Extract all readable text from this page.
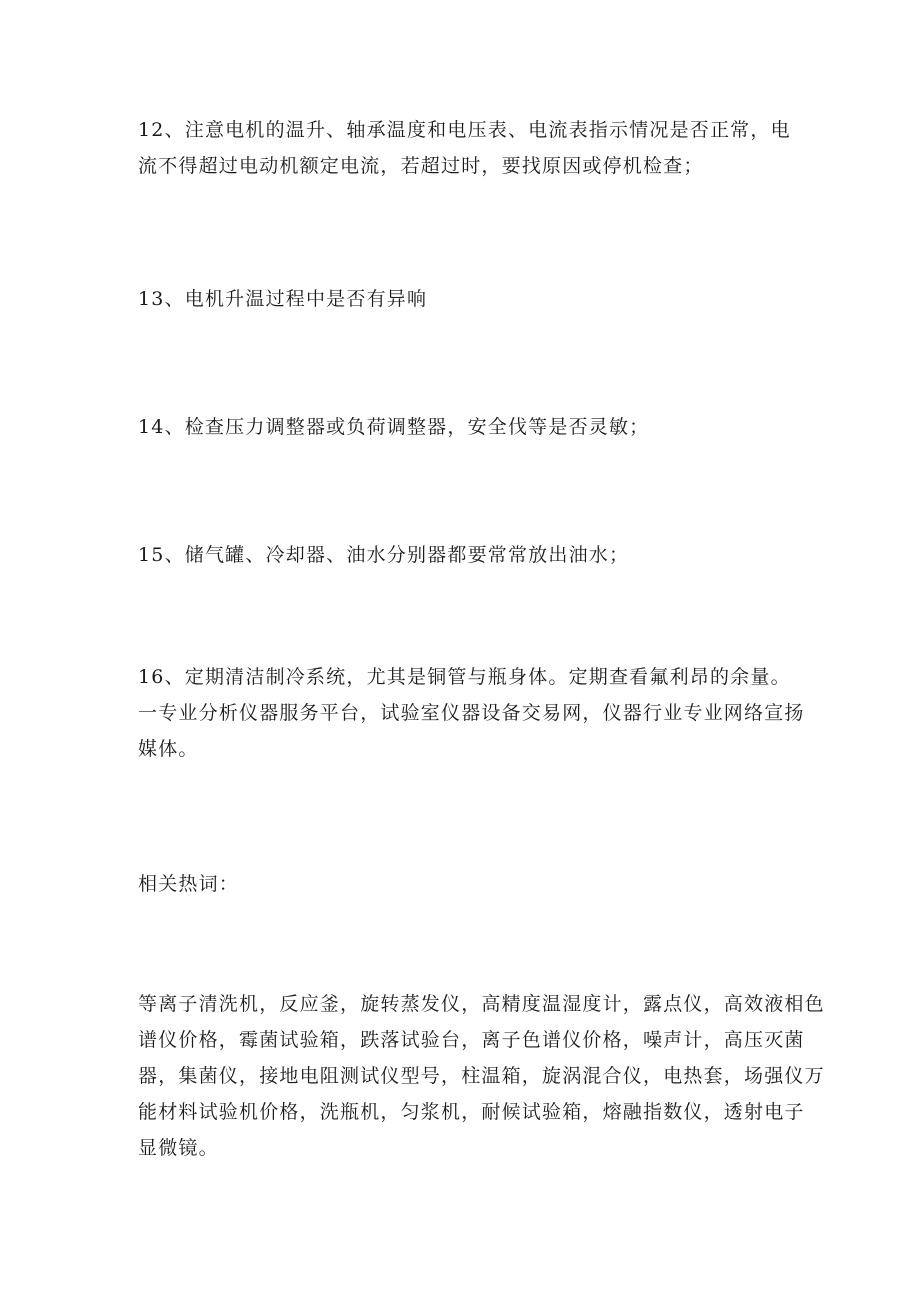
12、注意电机的温升、轴承温度和电压表、电流表指示情况是否正常，电
流不得超过电动机额定电流，若超过时，要找原因或停机检查；
13、电机升温过程中是否有异响
14、检查压力调整器或负荷调整器，安全伐等是否灵敏；
15、储气罐、冷却器、油水分别器都要常常放出油水；
16、定期清洁制冷系统，尤其是铜管与瓶身体。定期查看氟利昂的余量。
一专业分析仪器服务平台，试验室仪器设备交易网，仪器行业专业网络宣扬
媒体。
相关热词：
等离子清洗机，反应釜，旋转蒸发仪，高精度温湿度计，露点仪，高效液相色
谱仪价格，霉菌试验箱，跌落试验台，离子色谱仪价格，噪声计，高压灭菌
器，集菌仪，接地电阻测试仪型号，柱温箱，旋涡混合仪，电热套，场强仪万
能材料试验机价格，洗瓶机，匀浆机，耐候试验箱，熔融指数仪，透射电子
显微镜。
